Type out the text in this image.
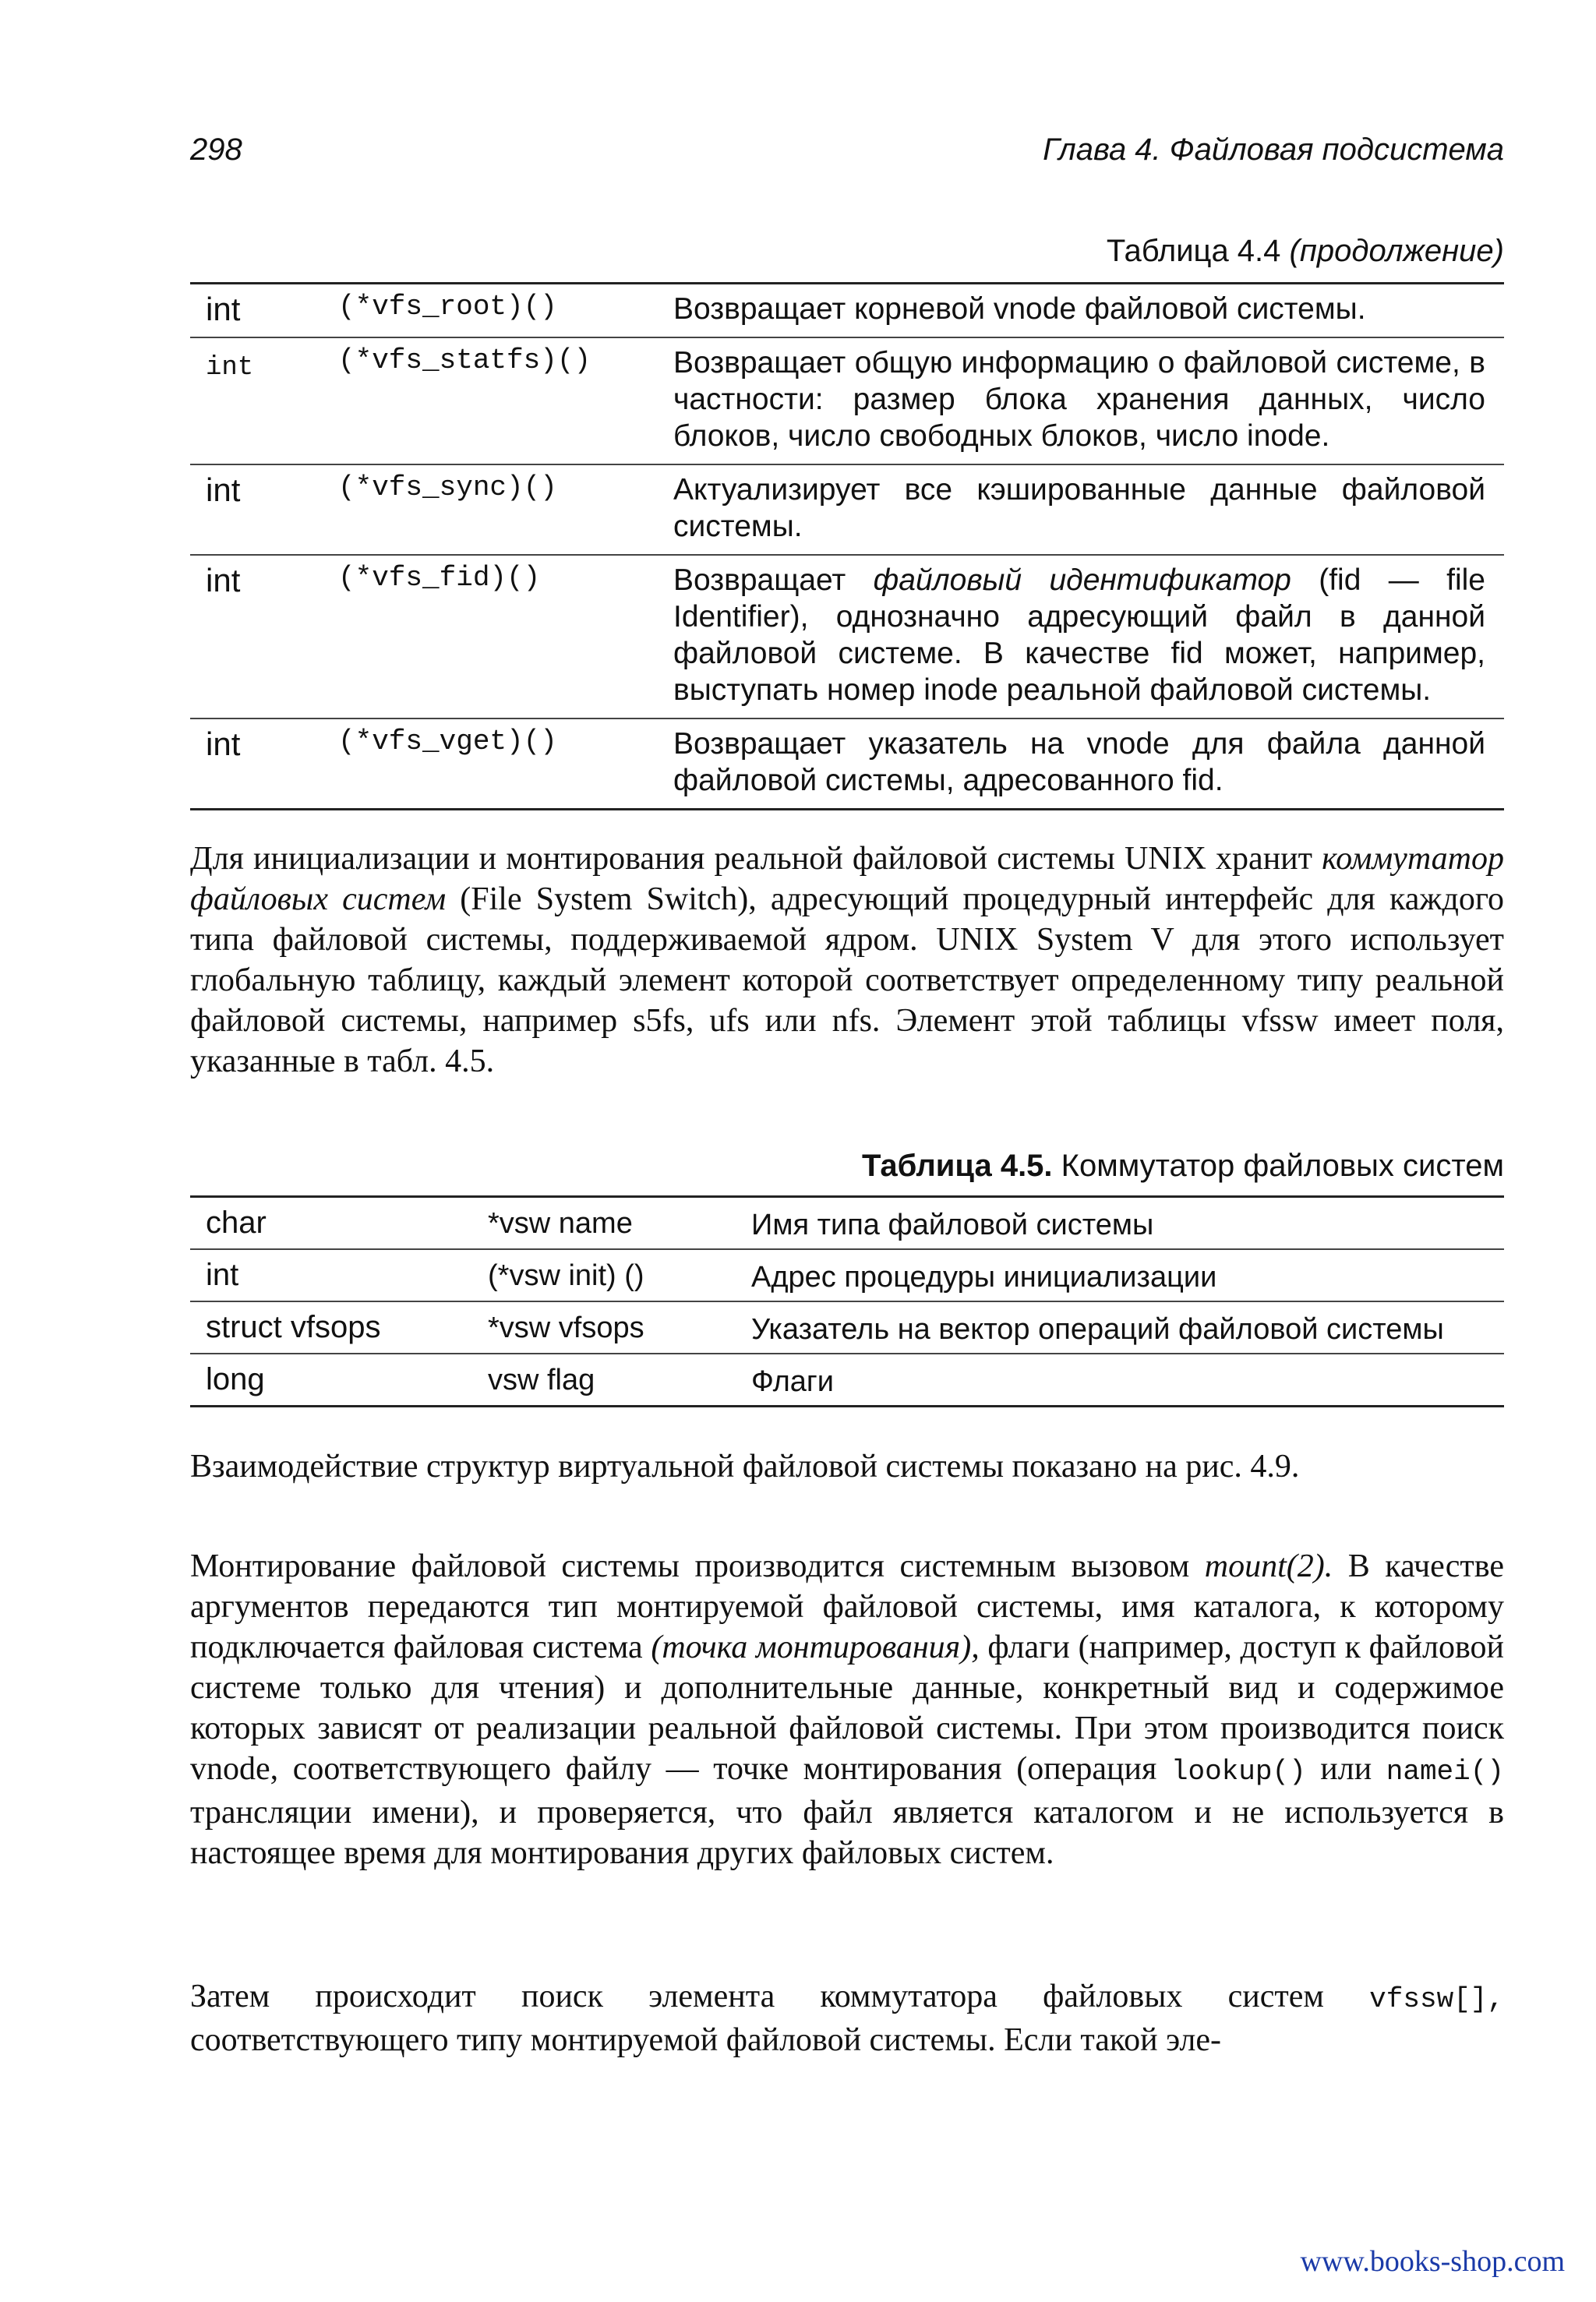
298	Глава 4. Файловая подсистема
Таблица 4.4 (продолжение)
int	(*vfs_root)()	Возвращает корневой vnode файловой системы.
int	(*vfs_statfs)()	Возвращает общую информацию о файловой системе, в частности: размер блока хранения данных, число блоков, число свободных блоков, число inode.
int	(*vfs_sync)()	Актуализирует все кэшированные данные файловой системы.
int	(*vfs_fid)()	Возвращает файловый идентификатор (fid — file Identifier), однозначно адресующий файл в данной файловой системе. В качестве fid может, например, выступать номер inode реальной файловой системы.
int	(*vfs_vget)()	Возвращает указатель на vnode для файла данной файловой системы, адресованного fid.
Для инициализации и монтирования реальной файловой системы UNIX хранит коммутатор файловых систем (File System Switch), адресующий процедурный интерфейс для каждого типа файловой системы, поддерживаемой ядром. UNIX System V для этого использует глобальную таблицу, каждый элемент которой соответствует определенному типу реальной файловой системы, например s5fs, ufs или nfs. Элемент этой таблицы vfssw имеет поля, указанные в табл. 4.5.
Таблица 4.5. Коммутатор файловых систем
char	*vsw name	Имя типа файловой системы
int	(*vsw init) ()	Адрес процедуры инициализации
struct vfsops	*vsw vfsops	Указатель на вектор операций файловой системы
long	vsw flag	Флаги
Взаимодействие структур виртуальной файловой системы показано на рис. 4.9.
Монтирование файловой системы производится системным вызовом mount(2). В качестве аргументов передаются тип монтируемой файловой системы, имя каталога, к которому подключается файловая система (точка монтирования), флаги (например, доступ к файловой системе только для чтения) и дополнительные данные, конкретный вид и содержимое которых зависят от реализации реальной файловой системы. При этом производится поиск vnode, соответствующего файлу — точке монтирования (операция lookup() или namei() трансляции имени), и проверяется, что файл является каталогом и не используется в настоящее время для монтирования других файловых систем.
Затем происходит поиск элемента коммутатора файловых систем vfssw[], соответствующего типу монтируемой файловой системы. Если такой эле-
www.books-shop.com
